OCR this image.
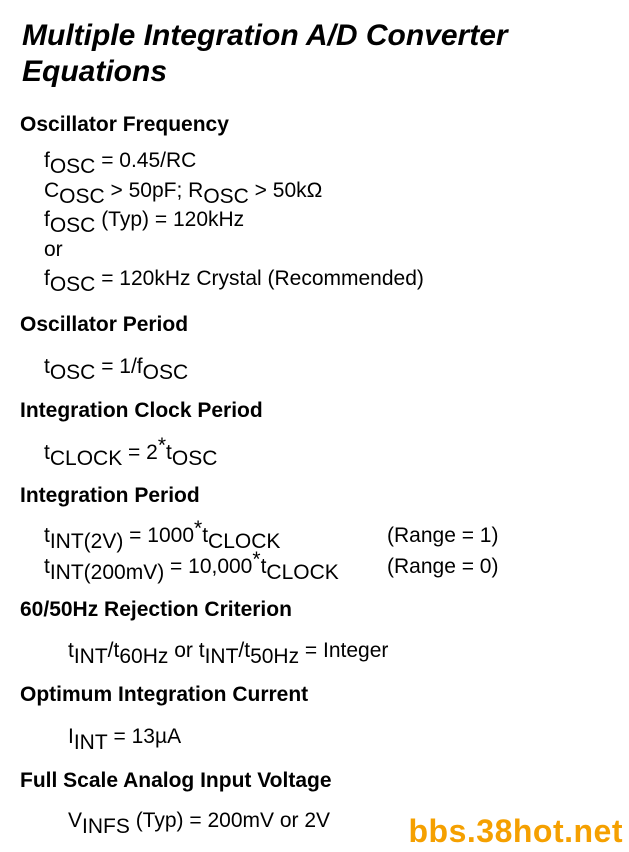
Multiple Integration A/D Converter
Equations
Oscillator Frequency
$f_{OSC} = 0.45/RC$
$C_{OSC} > 50pF$; $R_{OSC} > 50k\Omega$
$f_{OSC}$ (Typ) = 120kHz
or
$f_{OSC} = 120kHz$ Crystal (Recommended)
Oscillator Period
$t_{OSC} = 1/f_{OSC}$
Integration Clock Period
$t_{CLOCK} = 2^*t_{OSC}$
Integration Period
$t_{INT(2V)} = 1000^*t_{CLOCK}$	(Range = 1)
$t_{INT(200mV)} = 10,000^*t_{CLOCK}$ (Range = 0)
60/50Hz Rejection Criterion
$t_{INT}/t_{60Hz}$ or $t_{INT}/t_{50Hz}$ = Integer
Optimum Integration Current
$I_{INT} = 13\mu A$
Full Scale Analog Input Voltage
$V_{INFS}$ (Typ) = 200mV or 2V bbs.38hot.net
